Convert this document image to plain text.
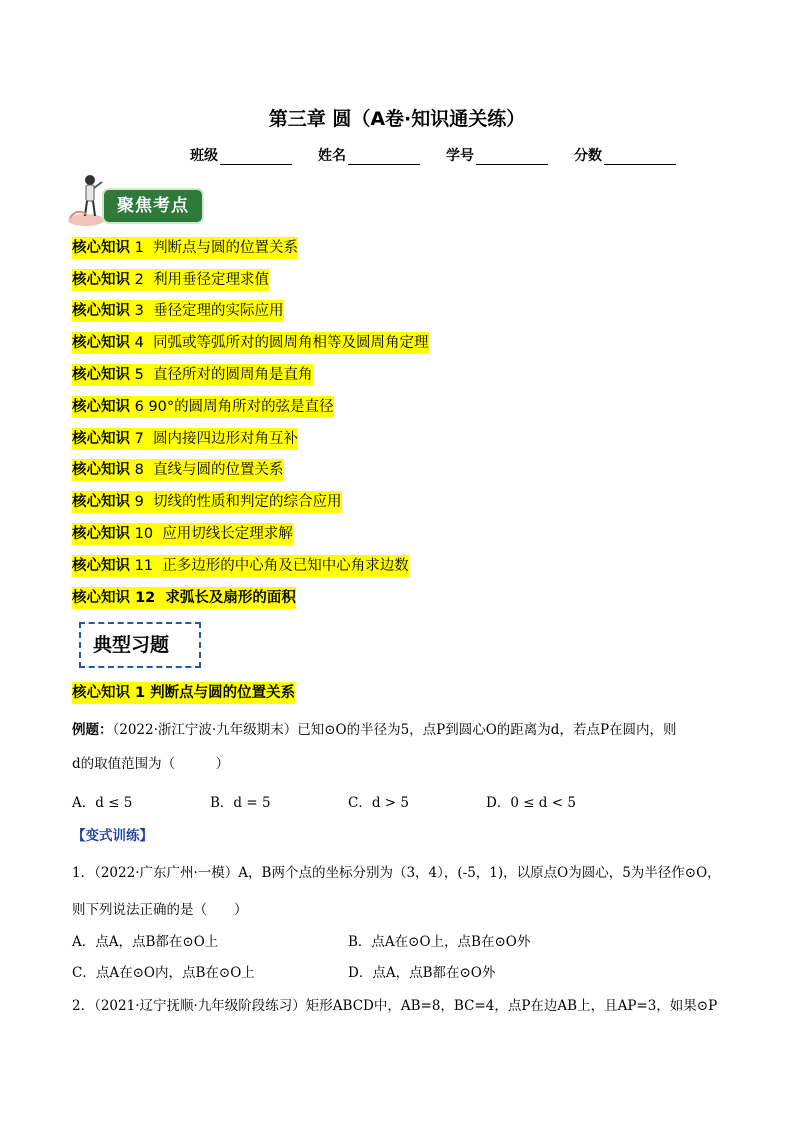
第三章 圆（A卷·知识通关练）
班级	姓名	学号	分数
聚焦考点
核心知识 1 判断点与圆的位置关系
核心知识 2 利用垂径定理求值
核心知识 3 垂径定理的实际应用
核心知识 4 同弧或等弧所对的圆周角相等及圆周角定理
核心知识 5 直径所对的圆周角是直角
核心知识 6 90°的圆周角所对的弦是直径
核心知识 7 圆内接四边形对角互补
核心知识 8 直线与圆的位置关系
核心知识 9 切线的性质和判定的综合应用
核心知识 10 应用切线长定理求解
核心知识 11 正多边形的中心角及已知中心角求边数
核心知识 12 求弧长及扇形的面积
典型习题
核心知识 1 判断点与圆的位置关系
例题：（2022·浙江宁波·九年级期末）已知⊙O的半径为5，点P到圆心O的距离为d，若点P在圆内，则
d的取值范围为（　　　）
A．d ≤ 5	B．d = 5	C．d > 5	D．0 ≤ d < 5
【变式训练】
1．（2022·广东广州·一模）A，B两个点的坐标分别为（3，4），(-5，1)，以原点O为圆心，5为半径作⊙O，
则下列说法正确的是（　　）
A．点A，点B都在⊙O上	B．点A在⊙O上，点B在⊙O外
C．点A在⊙O内，点B在⊙O上	D．点A，点B都在⊙O外
2．（2021·辽宁抚顺·九年级阶段练习）矩形ABCD中，AB=8，BC=4，点P在边AB上，且AP=3，如果⊙P
